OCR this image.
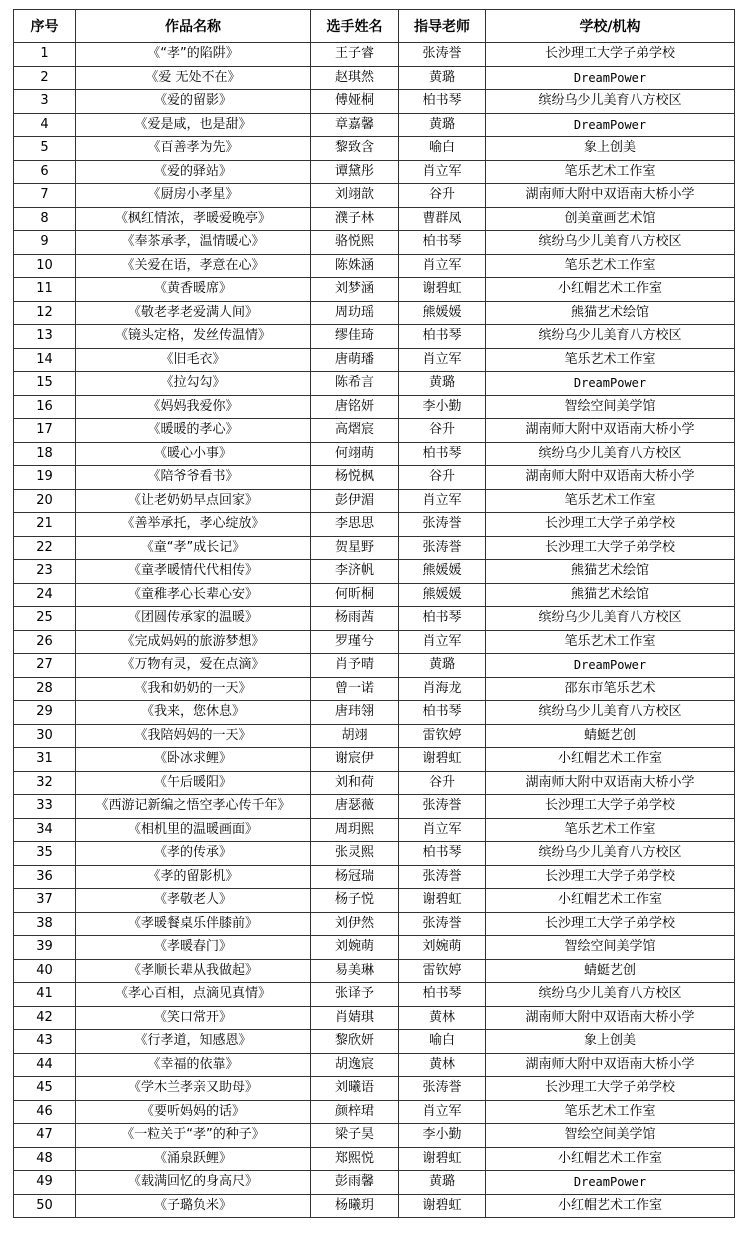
序号	作品名称	选手姓名	指导老师	学校/机构
1	《“孝”的陷阱》	王子睿	张涛誉	长沙理工大学子弟学校
2	《爱 无处不在》	赵琪然	黄璐	DreamPower
3	《爱的留影》	傅娅桐	柏书琴	缤纷乌少儿美育八方校区
4	《爱是咸，也是甜》	章嘉馨	黄璐	DreamPower
5	《百善孝为先》	黎致含	喻白	象上创美
6	《爱的驿站》	谭黛彤	肖立军	笔乐艺术工作室
7	《厨房小孝星》	刘翊歆	谷升	湖南师大附中双语南大桥小学
8	《枫红情浓，孝暖爱晚亭》	濮子林	曹群凤	创美童画艺术馆
9	《奉茶承孝，温情暖心》	骆悦熙	柏书琴	缤纷乌少儿美育八方校区
10	《关爱在语，孝意在心》	陈姝涵	肖立军	笔乐艺术工作室
11	《黄香暖席》	刘梦涵	谢碧虹	小红帽艺术工作室
12	《敬老孝老爱满人间》	周玏瑶	熊媛媛	熊猫艺术绘馆
13	《镜头定格，发丝传温情》	缪佳琦	柏书琴	缤纷乌少儿美育八方校区
14	《旧毛衣》	唐萌璠	肖立军	笔乐艺术工作室
15	《拉勾勾》	陈希言	黄璐	DreamPower
16	《妈妈我爱你》	唐铭妍	李小勤	智绘空间美学馆
17	《暖暖的孝心》	高熠宸	谷升	湖南师大附中双语南大桥小学
18	《暖心小事》	何翊萌	柏书琴	缤纷乌少儿美育八方校区
19	《陪爷爷看书》	杨悦枫	谷升	湖南师大附中双语南大桥小学
20	《让老奶奶早点回家》	彭伊湄	肖立军	笔乐艺术工作室
21	《善举承托，孝心绽放》	李思思	张涛誉	长沙理工大学子弟学校
22	《童“孝”成长记》	贺星野	张涛誉	长沙理工大学子弟学校
23	《童孝暖情代代相传》	李济帆	熊媛媛	熊猫艺术绘馆
24	《童稚孝心长辈心安》	何昕桐	熊媛媛	熊猫艺术绘馆
25	《团圆传承家的温暖》	杨雨茜	柏书琴	缤纷乌少儿美育八方校区
26	《完成妈妈的旅游梦想》	罗瑾兮	肖立军	笔乐艺术工作室
27	《万物有灵，爱在点滴》	肖予晴	黄璐	DreamPower
28	《我和奶奶的一天》	曾一诺	肖海龙	邵东市笔乐艺术
29	《我来，您休息》	唐玮翎	柏书琴	缤纷乌少儿美育八方校区
30	《我陪妈妈的一天》	胡翊	雷钦婷	蜻蜓艺创
31	《卧冰求鲤》	谢宸伊	谢碧虹	小红帽艺术工作室
32	《午后暖阳》	刘和荷	谷升	湖南师大附中双语南大桥小学
33	《西游记新编之悟空孝心传千年》	唐瑟薇	张涛誉	长沙理工大学子弟学校
34	《相机里的温暖画面》	周玥熙	肖立军	笔乐艺术工作室
35	《孝的传承》	张灵熙	柏书琴	缤纷乌少儿美育八方校区
36	《孝的留影机》	杨冠瑞	张涛誉	长沙理工大学子弟学校
37	《孝敬老人》	杨子悦	谢碧虹	小红帽艺术工作室
38	《孝暖餐桌乐伴膝前》	刘伊然	张涛誉	长沙理工大学子弟学校
39	《孝暖春门》	刘婉萌	刘婉萌	智绘空间美学馆
40	《孝顺长辈从我做起》	易美琳	雷钦婷	蜻蜓艺创
41	《孝心百相，点滴见真情》	张译予	柏书琴	缤纷乌少儿美育八方校区
42	《笑口常开》	肖婧琪	黄林	湖南师大附中双语南大桥小学
43	《行孝道，知感恩》	黎欣妍	喻白	象上创美
44	《幸福的依靠》	胡逸宸	黄林	湖南师大附中双语南大桥小学
45	《学木兰孝亲又助母》	刘曦语	张涛誉	长沙理工大学子弟学校
46	《要听妈妈的话》	颜梓珺	肖立军	笔乐艺术工作室
47	《一粒关于“孝”的种子》	梁子昊	李小勤	智绘空间美学馆
48	《涌泉跃鲤》	郑熙悦	谢碧虹	小红帽艺术工作室
49	《载满回忆的身高尺》	彭雨馨	黄璐	DreamPower
50	《子璐负米》	杨曦玥	谢碧虹	小红帽艺术工作室
